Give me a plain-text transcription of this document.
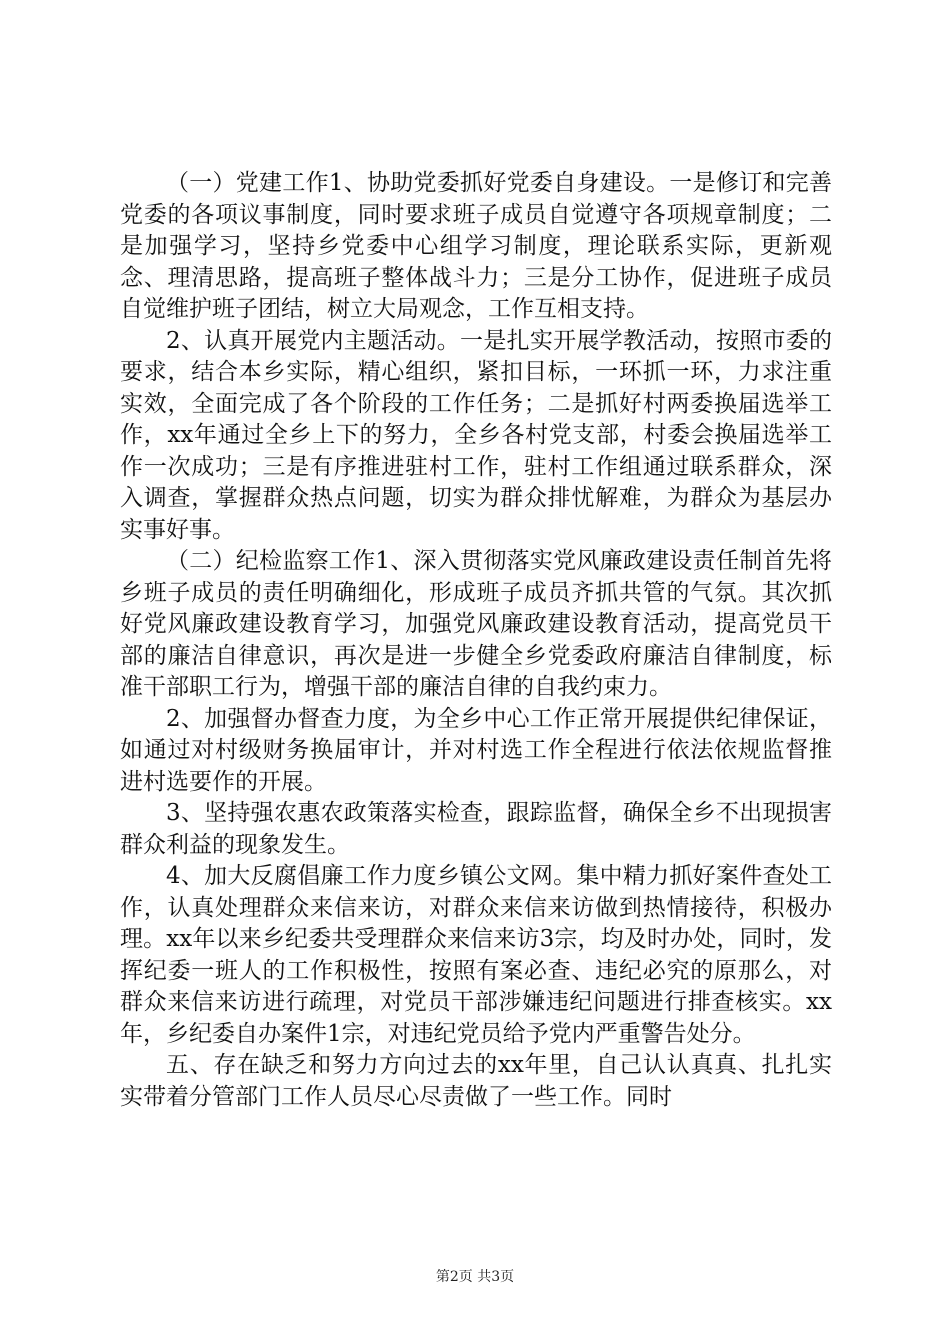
（一）党建工作1、协助党委抓好党委自身建设。一是修订和完善党委的各项议事制度，同时要求班子成员自觉遵守各项规章制度；二是加强学习，坚持乡党委中心组学习制度，理论联系实际，更新观念、理清思路，提高班子整体战斗力；三是分工协作，促进班子成员自觉维护班子团结，树立大局观念，工作互相支持。

2、认真开展党内主题活动。一是扎实开展学教活动，按照市委的要求，结合本乡实际，精心组织，紧扣目标，一环抓一环，力求注重实效，全面完成了各个阶段的工作任务；二是抓好村两委换届选举工作，xx年通过全乡上下的努力，全乡各村党支部，村委会换届选举工作一次成功；三是有序推进驻村工作，驻村工作组通过联系群众，深入调查，掌握群众热点问题，切实为群众排忧解难，为群众为基层办实事好事。

（二）纪检监察工作1、深入贯彻落实党风廉政建设责任制首先将乡班子成员的责任明确细化，形成班子成员齐抓共管的气氛。其次抓好党风廉政建设教育学习，加强党风廉政建设教育活动，提高党员干部的廉洁自律意识，再次是进一步健全乡党委政府廉洁自律制度，标准干部职工行为，增强干部的廉洁自律的自我约束力。

2、加强督办督查力度，为全乡中心工作正常开展提供纪律保证，如通过对村级财务换届审计，并对村选工作全程进行依法依规监督推进村选要作的开展。

3、坚持强农惠农政策落实检查，跟踪监督，确保全乡不出现损害群众利益的现象发生。

4、加大反腐倡廉工作力度乡镇公文网。集中精力抓好案件查处工作，认真处理群众来信来访，对群众来信来访做到热情接待，积极办理。xx年以来乡纪委共受理群众来信来访3宗，均及时办处，同时，发挥纪委一班人的工作积极性，按照有案必查、违纪必究的原那么，对群众来信来访进行疏理，对党员干部涉嫌违纪问题进行排查核实。xx年，乡纪委自办案件1宗，对违纪党员给予党内严重警告处分。

五、存在缺乏和努力方向过去的xx年里，自己认认真真、扎扎实实带着分管部门工作人员尽心尽责做了一些工作。同时

第2页 共3页
